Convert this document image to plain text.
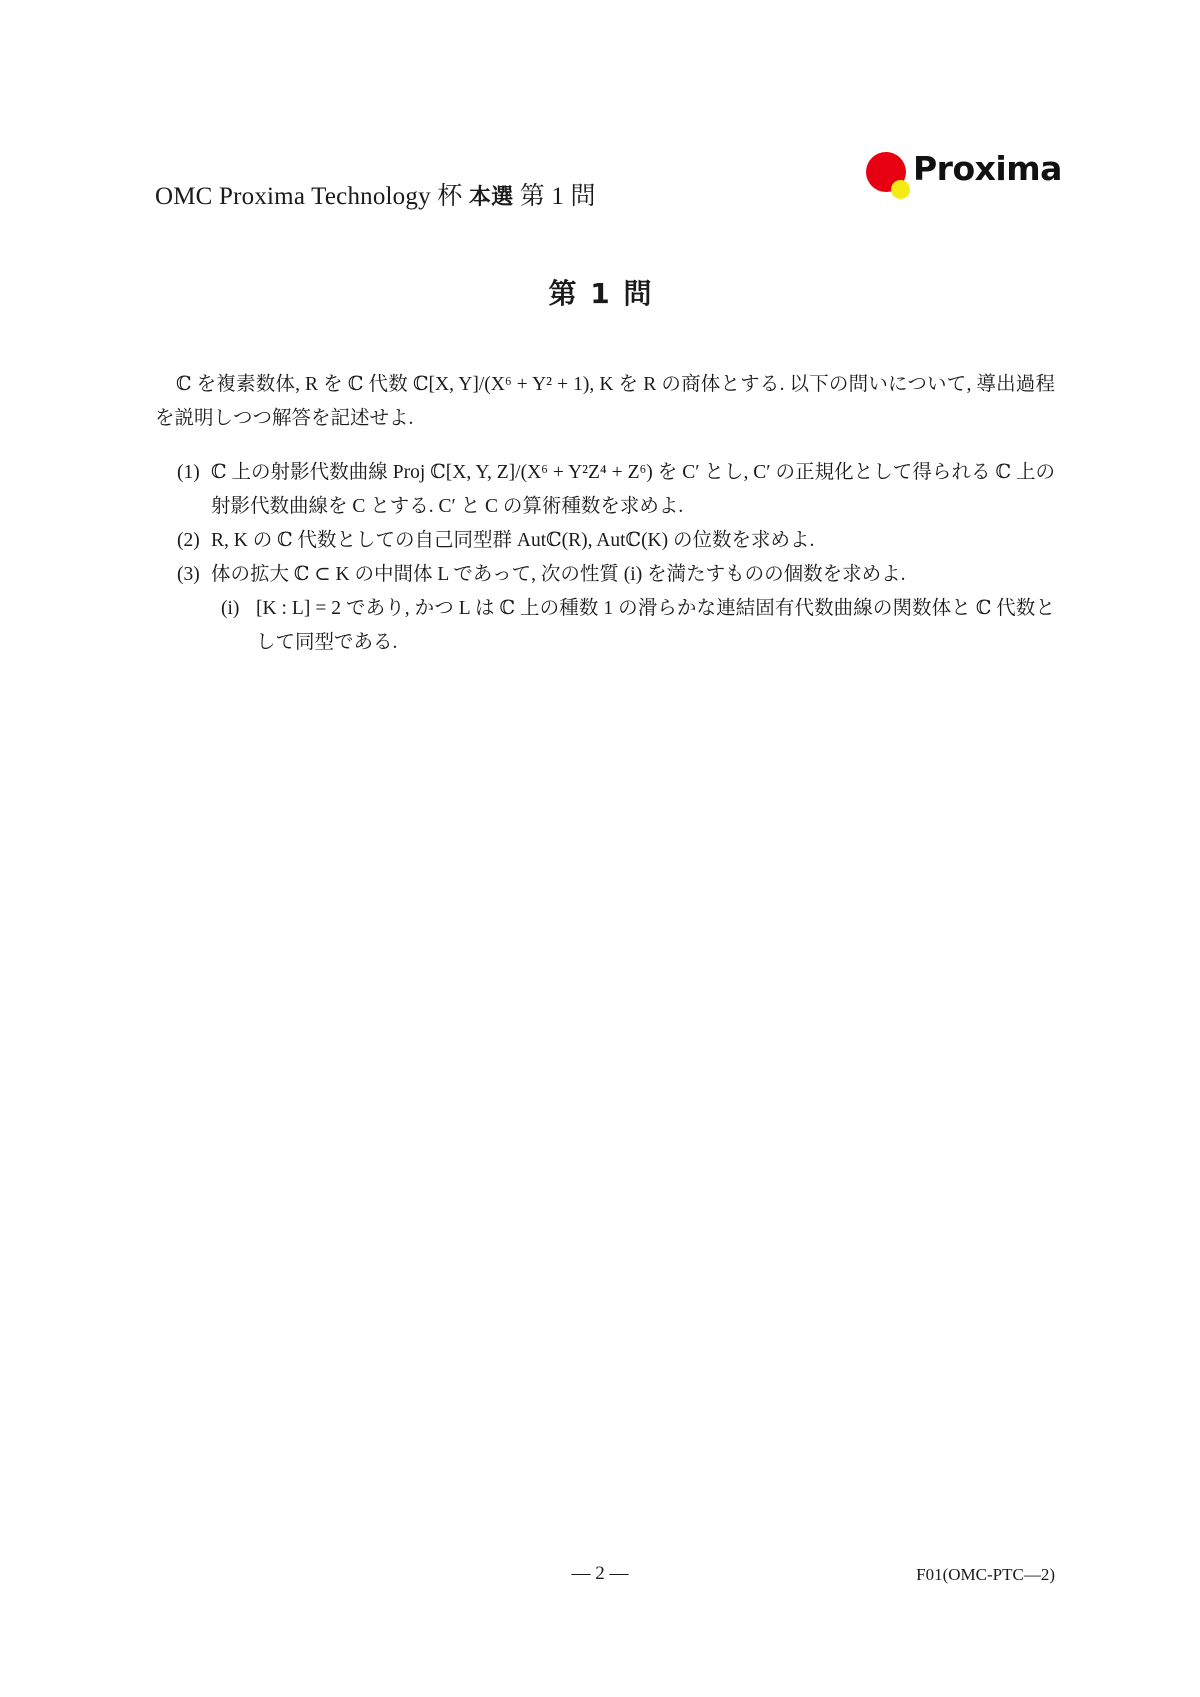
OMC Proxima Technology 杯 本選 第 1 問
Proxima
第 1 問
ℂ を複素数体, R を ℂ 代数 ℂ[X, Y]/(X⁶ + Y² + 1), K を R の商体とする. 以下の問いについて, 導出過程を説明しつつ解答を記述せよ.
(1) ℂ 上の射影代数曲線 Proj ℂ[X, Y, Z]/(X⁶ + Y²Z⁴ + Z⁶) を C′ とし, C′ の正規化として得られる ℂ 上の射影代数曲線を C とする. C′ と C の算術種数を求めよ.
(2) R, K の ℂ 代数としての自己同型群 Autℂ(R), Autℂ(K) の位数を求めよ.
(3) 体の拡大 ℂ ⊂ K の中間体 L であって, 次の性質 (i) を満たすものの個数を求めよ.
(i) [K : L] = 2 であり, かつ L は ℂ 上の種数 1 の滑らかな連結固有代数曲線の関数体と ℂ 代数として同型である.
— 2 —	F01(OMC-PTC—2)
